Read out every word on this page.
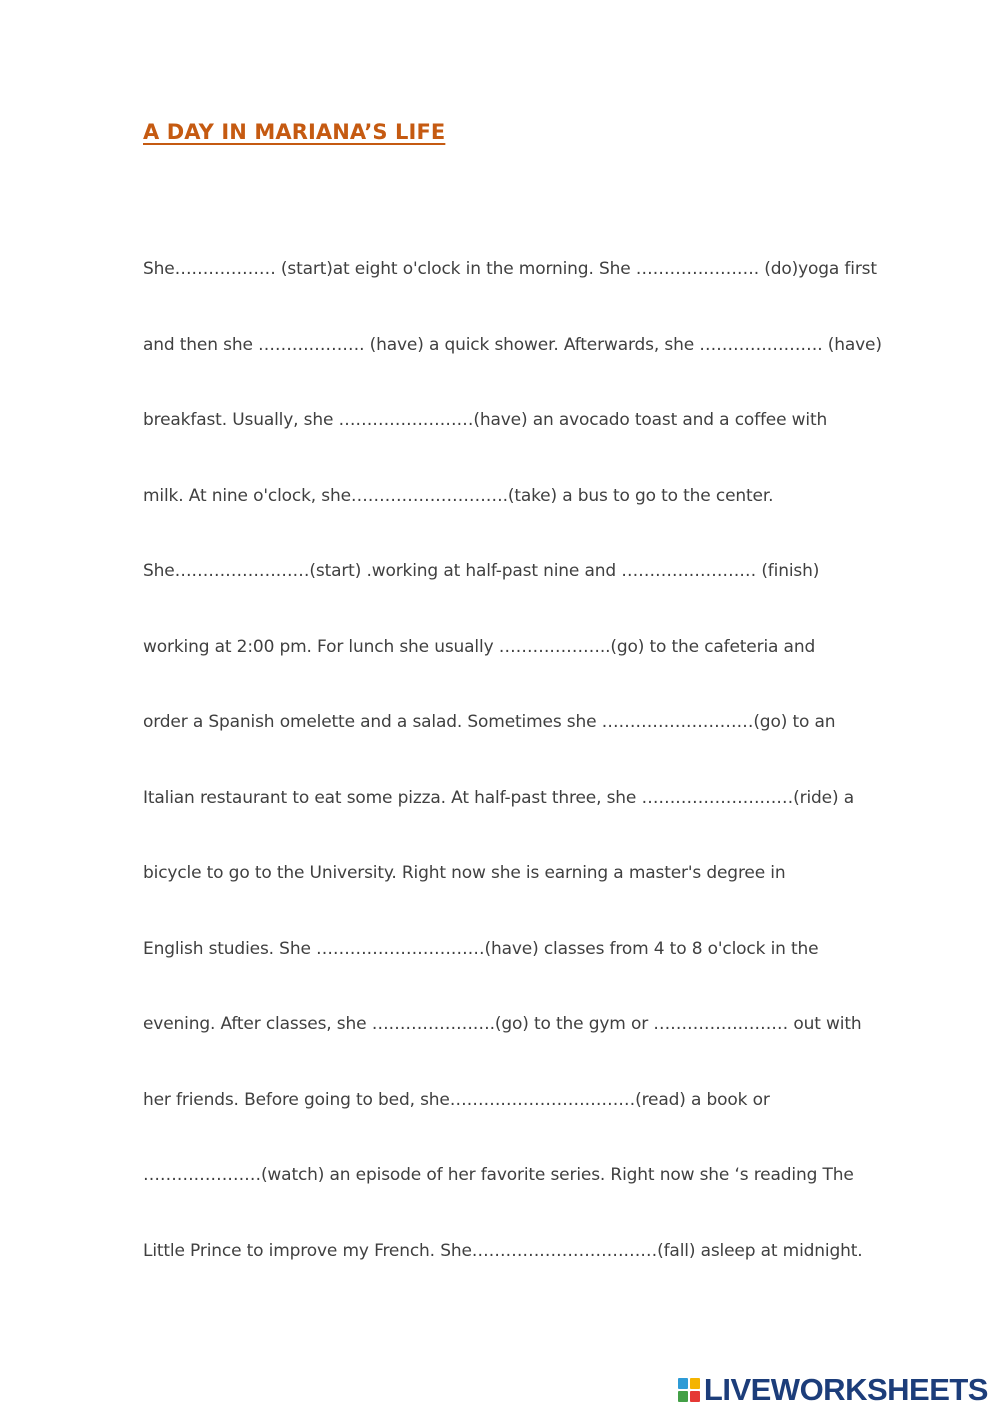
A DAY IN MARIANA’S LIFE
She……………… (start)at eight o'clock in the morning. She …………………. (do)yoga first
and then she ………………. (have) a quick shower. Afterwards, she …………………. (have)
breakfast. Usually, she ……………………(have) an avocado toast and a coffee with
milk. At nine o'clock, she……………………….(take) a bus to go to the center.
She……………………(start) .working at half-past nine and …………………… (finish)
working at 2:00 pm. For lunch she usually ………………..(go) to the cafeteria and
order a Spanish omelette and a salad. Sometimes she ………………………(go) to an
Italian restaurant to eat some pizza. At half-past three, she ………………………(ride) a
bicycle to go to the University. Right now she is earning a master's degree in
English studies. She …………………………(have) classes from 4 to 8 o'clock in the
evening. After classes, she ………………….(go) to the gym or …………………… out with
her friends. Before going to bed, she……………………………(read) a book or
…………………(watch) an episode of her favorite series. Right now she ‘s reading The
Little Prince to improve my French. She……………………………(fall) asleep at midnight.
LIVEWORKSHEETS
